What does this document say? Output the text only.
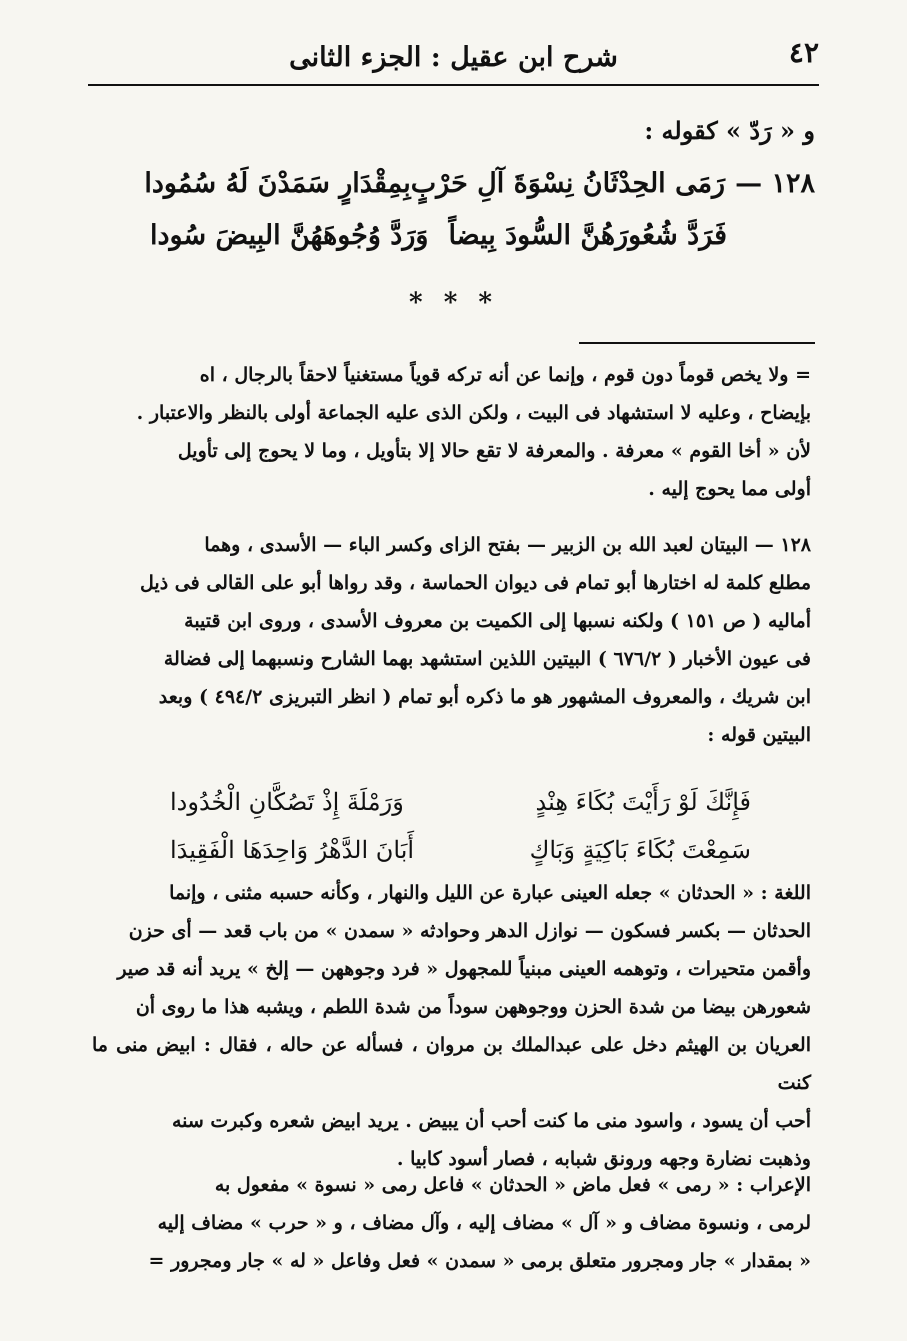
٤٢
شرح ابن عقيل : الجزء الثانى
و « رَدّ » كقوله :
١٢٨ —رَمَى الحِدْثَانُ نِسْوَةَ آلِ حَرْبٍ
بِمِقْدَارٍ سَمَدْنَ لَهُ سُمُودا
فَرَدَّ شُعُورَهُنَّ السُّودَ بِيضاً
وَرَدَّ وُجُوهَهُنَّ البِيضَ سُودا
* * *

= ولا يخص قوماً دون قوم ، وإنما عن أنه تركه قوياً مستغنياً لاحقاً بالرجال ، اه

بإيضاح ، وعليه لا استشهاد فى البيت ، ولكن الذى عليه الجماعة أولى بالنظر والاعتبار .

لأن « أخا القوم » معرفة . والمعرفة لا تقع حالا إلا بتأويل ، وما لا يحوج إلى تأويل

أولى مما يحوج إليه .

١٢٨ — البيتان لعبد الله بن الزبير — بفتح الزاى وكسر الباء — الأسدى ، وهما

مطلع كلمة له اختارها أبو تمام فى ديوان الحماسة ، وقد رواها أبو على القالى فى ذيل

أماليه ( ص ١٥١ ) ولكنه نسبها إلى الكميت بن معروف الأسدى ، وروى ابن قتيبة

فى عيون الأخبار ( ٦٧٦/٢ ) البيتين اللذين استشهد بهما الشارح ونسبهما إلى فضالة

ابن شريك ، والمعروف المشهور هو ما ذكره أبو تمام ( انظر التبريزى ٤٩٤/٢ ) وبعد

البيتين قوله :

فَإِنَّكَ لَوْ رَأَيْتَ بُكَاءَ هِنْدٍ
وَرَمْلَةَ إِذْ تَصُكَّانِ الْخُدُودا
سَمِعْتَ بُكَاءَ بَاكِيَةٍ وَبَاكٍ
أَبَانَ الدَّهْرُ وَاحِدَهَا الْفَقِيدَا

اللغة : « الحدثان » جعله العينى عبارة عن الليل والنهار ، وكأنه حسبه مثنى ، وإنما

الحدثان — بكسر فسكون — نوازل الدهر وحوادثه « سمدن » من باب قعد — أى حزن

وأقمن متحيرات ، وتوهمه العينى مبنياً للمجهول « فرد وجوههن — إلخ » يريد أنه قد صير

شعورهن بيضا من شدة الحزن ووجوههن سوداً من شدة اللطم ، ويشبه هذا ما روى أن

العريان بن الهيثم دخل على عبدالملك بن مروان ، فسأله عن حاله ، فقال : ابيض منى ما كنت

أحب أن يسود ، واسود منى ما كنت أحب أن يبيض . يريد ابيض شعره وكبرت سنه

وذهبت نضارة وجهه ورونق شبابه ، فصار أسود كابيا .

الإعراب : « رمى » فعل ماض « الحدثان » فاعل رمى « نسوة » مفعول به

لرمى ، ونسوة مضاف و « آل » مضاف إليه ، وآل مضاف ، و « حرب » مضاف إليه

« بمقدار » جار ومجرور متعلق برمى « سمدن » فعل وفاعل « له » جار ومجرور =
